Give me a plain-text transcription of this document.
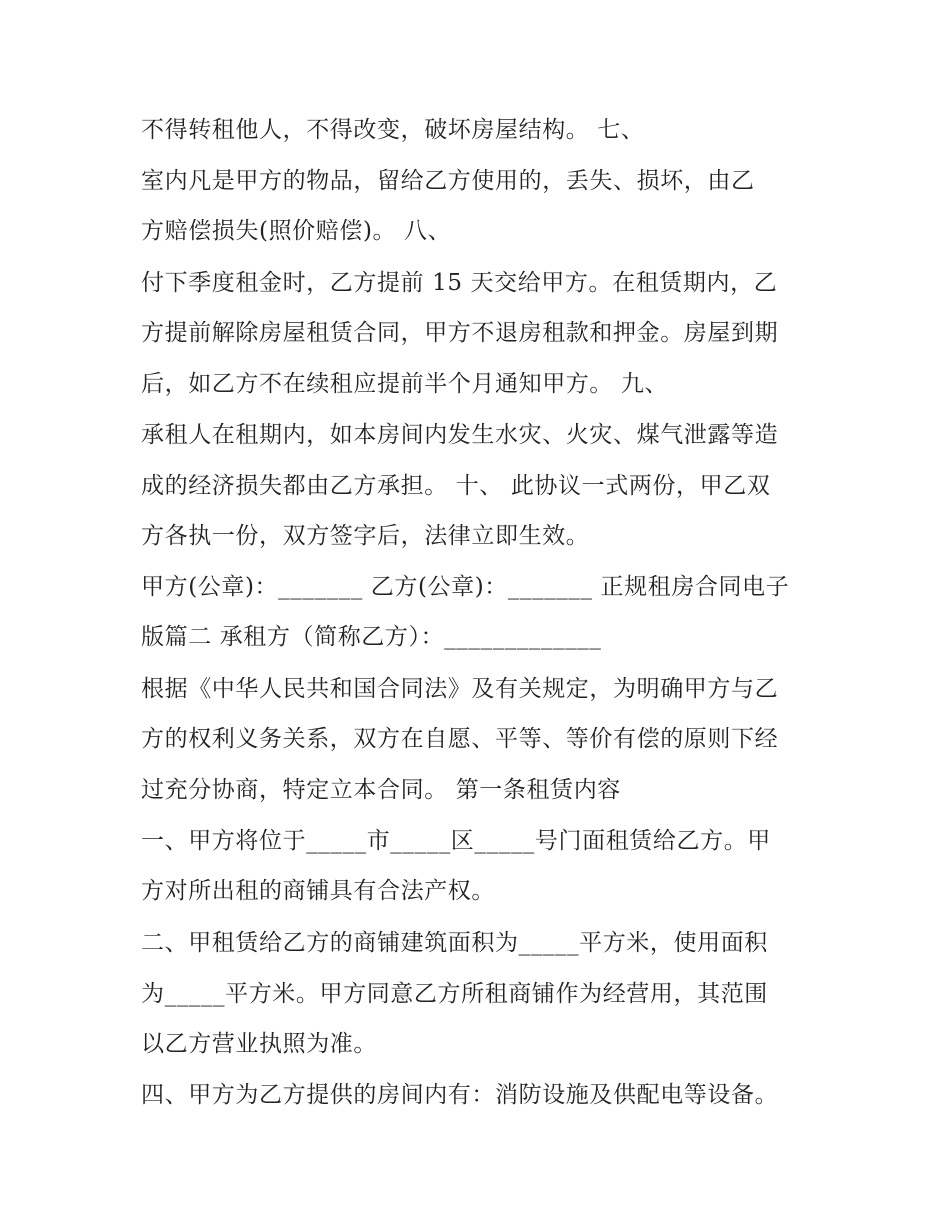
不得转租他人，不得改变，破坏房屋结构。 七、

室内凡是甲方的物品，留给乙方使用的，丢失、损坏，由乙

方赔偿损失(照价赔偿)。 八、

付下季度租金时，乙方提前 15 天交给甲方。在租赁期内，乙

方提前解除房屋租赁合同，甲方不退房租款和押金。房屋到期

后，如乙方不在续租应提前半个月通知甲方。 九、

承租人在租期内，如本房间内发生水灾、火灾、煤气泄露等造

成的经济损失都由乙方承担。 十、 此协议一式两份，甲乙双

方各执一份，双方签字后，法律立即生效。

甲方(公章)：_______ 乙方(公章)：_______ 正规租房合同电子

版篇二 承租方（简称乙方）：_____________

根据《中华人民共和国合同法》及有关规定，为明确甲方与乙

方的权利义务关系，双方在自愿、平等、等价有偿的原则下经

过充分协商，特定立本合同。 第一条租赁内容

一、甲方将位于_____市_____区_____号门面租赁给乙方。甲

方对所出租的商铺具有合法产权。

二、甲租赁给乙方的商铺建筑面积为_____平方米，使用面积

为_____平方米。甲方同意乙方所租商铺作为经营用，其范围

以乙方营业执照为准。

四、甲方为乙方提供的房间内有：消防设施及供配电等设备。
